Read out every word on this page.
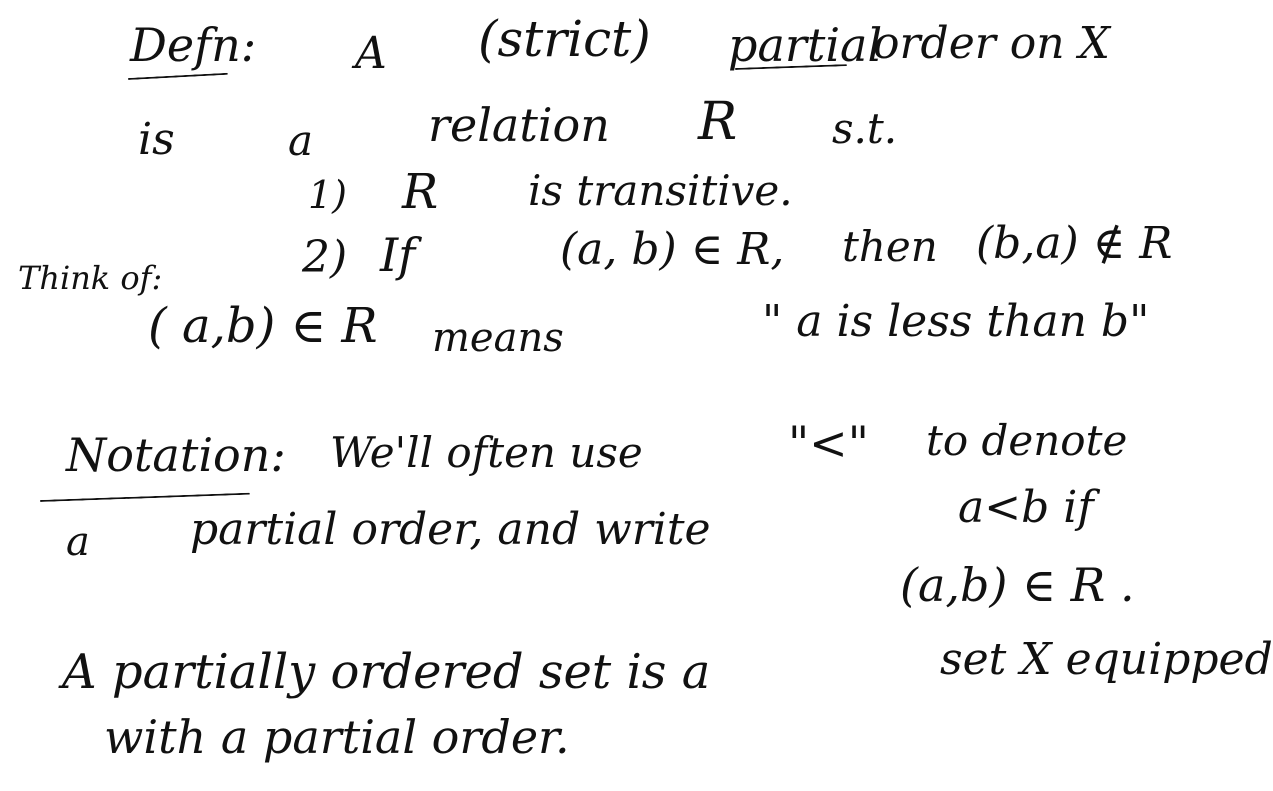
Defn: A (strict) partial
order on X
is	a relation R s.t.
1) R is transitive.
2) If	(a, b) ∈ R, then (b,a) ∉ R
Think of:
( a,b) ∈ R means	" a is less than b"
Notation: We'll often use	"<" to denote
a partial order, and write	a<b if
(a,b) ∈ R .
A partially ordered set is a	set X equipped
with a partial order.
